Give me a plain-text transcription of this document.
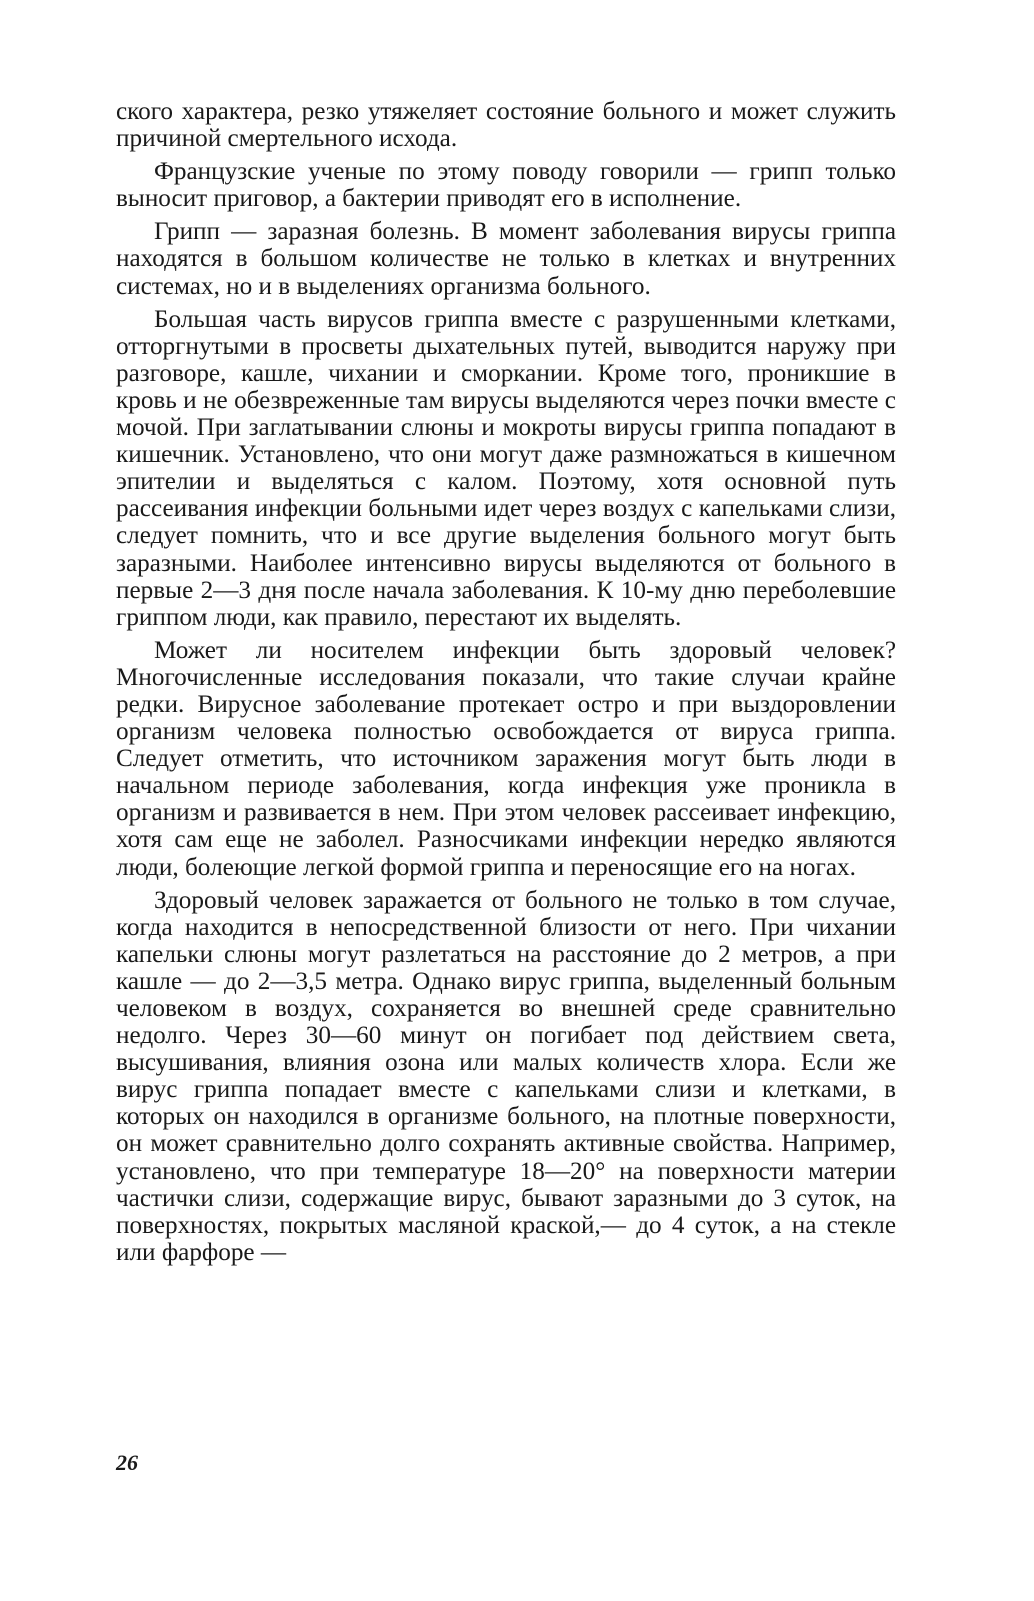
ского характера, резко утяжеляет состояние больного и может служить причиной смертельного исхода.

Французские ученые по этому поводу говорили — грипп только выносит приговор, а бактерии приводят его в исполнение.

Грипп — заразная болезнь. В момент заболевания вирусы гриппа находятся в большом количестве не только в клетках и внутренних системах, но и в выделениях организма больного.

Большая часть вирусов гриппа вместе с разрушенными клетками, отторгнутыми в просветы дыхательных путей, выводится наружу при разговоре, кашле, чихании и сморкании. Кроме того, проникшие в кровь и не обезвреженные там вирусы выделяются через почки вместе с мочой. При заглатывании слюны и мокроты вирусы гриппа попадают в кишечник. Установлено, что они могут даже размножаться в кишечном эпителии и выделяться с калом. Поэтому, хотя основной путь рассеивания инфекции больными идет через воздух с капельками слизи, следует помнить, что и все другие выделения больного могут быть заразными. Наиболее интенсивно вирусы выделяются от больного в первые 2—3 дня после начала заболевания. К 10-му дню переболевшие гриппом люди, как правило, перестают их выделять.

Может ли носителем инфекции быть здоровый человек? Многочисленные исследования показали, что такие случаи крайне редки. Вирусное заболевание протекает остро и при выздоровлении организм человека полностью освобождается от вируса гриппа. Следует отметить, что источником заражения могут быть люди в начальном периоде заболевания, когда инфекция уже проникла в организм и развивается в нем. При этом человек рассеивает инфекцию, хотя сам еще не заболел. Разносчиками инфекции нередко являются люди, болеющие легкой формой гриппа и переносящие его на ногах.

Здоровый человек заражается от больного не только в том случае, когда находится в непосредственной близости от него. При чихании капельки слюны могут разлетаться на расстояние до 2 метров, а при кашле — до 2—3,5 метра. Однако вирус гриппа, выделенный больным человеком в воздух, сохраняется во внешней среде сравнительно недолго. Через 30—60 минут он погибает под действием света, высушивания, влияния озона или малых количеств хлора. Если же вирус гриппа попадает вместе с капельками слизи и клетками, в которых он находился в организме больного, на плотные поверхности, он может сравнительно долго сохранять активные свойства. Например, установлено, что при температуре 18—20° на поверхности материи частички слизи, содержащие вирус, бывают заразными до 3 суток, на поверхностях, покрытых масляной краской,— до 4 суток, а на стекле или фарфоре —

26
